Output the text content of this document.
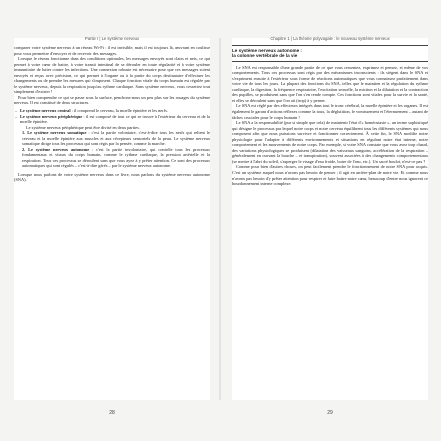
Partie I | Le système nerveux

comparer votre système nerveux à un réseau Wi-Fi : il est invisible, mais il est toujours là, œuvrant en coulisse pour vous permettre d'envoyer et de recevoir des messages.

Lorsque le réseau fonctionne dans des conditions optimales, les messages envoyés sont clairs et nets, ce qui permet à votre cœur de battre, à votre transit intestinal de se dérouler en toute régularité et à votre système immunitaire de lutter contre les infections. Une connexion robuste est nécessaire pour que ces messages soient envoyés et reçus avec précision, ce qui permet à l'organe ou à la partie du corps destinataire d'effectuer les changements ou de prendre les mesures qui s'imposent. Chaque fonction vitale du corps humain est régulée par le système nerveux, depuis la respiration jusqu'au rythme cardiaque. Sans système nerveux, vous cesseriez tout simplement d'exister !

Pour bien comprendre ce qui se passe sous la surface, penchons-nous un peu plus sur les rouages du système nerveux. Il est constitué de deux structures.

– Le système nerveux central : il comprend le cerveau, la moelle épinière et les nerfs.
– Le système nerveux périphérique : il est composé de tout ce qui se trouve à l'extérieur du cerveau et de la moelle épinière.

Le système nerveux périphérique peut être divisé en deux parties.

1. Le système nerveux somatique : c'est la partie volontaire, c'est-à-dire tous les nerfs qui relient le cerveau et la moelle épinière aux muscles et aux récepteurs sensoriels de la peau. Le système nerveux somatique dirige tous les processus qui sont régis par la pensée, comme la marche.

2. Le système nerveux autonome : c'est la partie involontaire, qui contrôle tous les processus fondamentaux et vitaux du corps humain, comme le rythme cardiaque, la pression artérielle et la respiration. Tous ces processus se déroulent sans que vous ayez à y prêter attention. Ce sont des processus automatiques qui sont régulés – c'est-à-dire gérés – par le système nerveux autonome.

Lorsque nous parlons de votre système nerveux dans ce livre, nous parlons du système nerveux autonome (SNA).

28
Chapitre 1 | La théorie polyvagale : le nouveau système nerveux
Le système nerveux autonome :
la colonne vertébrale de la vie

Le SNA est responsable d'une grande partie de ce que vous ressentez, exprimez et pensez, et même de vos comportements. Tous ces processus sont régis par des mécanismes inconscients : ils siègent dans le SNA et s'expriment ensuite à l'extérieur sous forme de réactions automatiques que vous connaissez parfaitement dans votre vie de tous les jours. La plupart des fonctions du SNA, telles que le maintien et la régulation du rythme cardiaque, la digestion, la fréquence respiratoire, l'excitation sexuelle, la miction et la dilatation et la contraction des pupilles, se produisent sans que l'on s'en rende compte. Ces fonctions sont vitales pour la survie et la santé, et elles se déroulent sans que l'on ait (trop) à y penser.

Le SNA est réglé par des effecteurs intégrés dans tout le tronc cérébral, la moelle épinière et les organes. Il est également le garant d'actions réflexes comme la toux, la déglutition, le vomissement et l'éternuement – autant de tâches cruciales pour le corps humain !

Le SNA a la responsabilité (pur si simple que cela) de maintenir l'état d'« homéostasie », un terme sophistiqué qui désigne le processus par lequel notre corps et notre cerveau équilibrent tous les différents systèmes qui nous composent afin que nous puissions survivre et fonctionner correctement. À cette fin, le SNA modifie notre physiologie pour l'adapter à différents environnements et situations en régulant notre état interne, notre comportement et les mouvements de notre corps. Par exemple, si votre SNA constate que vous avez trop chaud, des variations physiologiques se produisent (dilatation des vaisseaux sanguins, accélération de la respiration – généralement en ouvrant la bouche – et transpiration), souvent associées à des changements comportementaux (se mettre à l'abri du soleil, s'asperger le visage d'eau froide, boire de l'eau, etc.). Un sacré boulot, n'est-ce pas ?

Comme pour bien d'autres choses, on peut facilement prendre le fonctionnement de notre SNA pour acquis. C'est un système auquel nous n'avons pas besoin de penser ; il agit en arrière-plan de notre vie. Et comme nous n'avons pas besoin d'y prêter attention pour respirer et faire battre notre cœur, beaucoup d'entre nous ignorent ce bourdonnement interne complexe.

29
